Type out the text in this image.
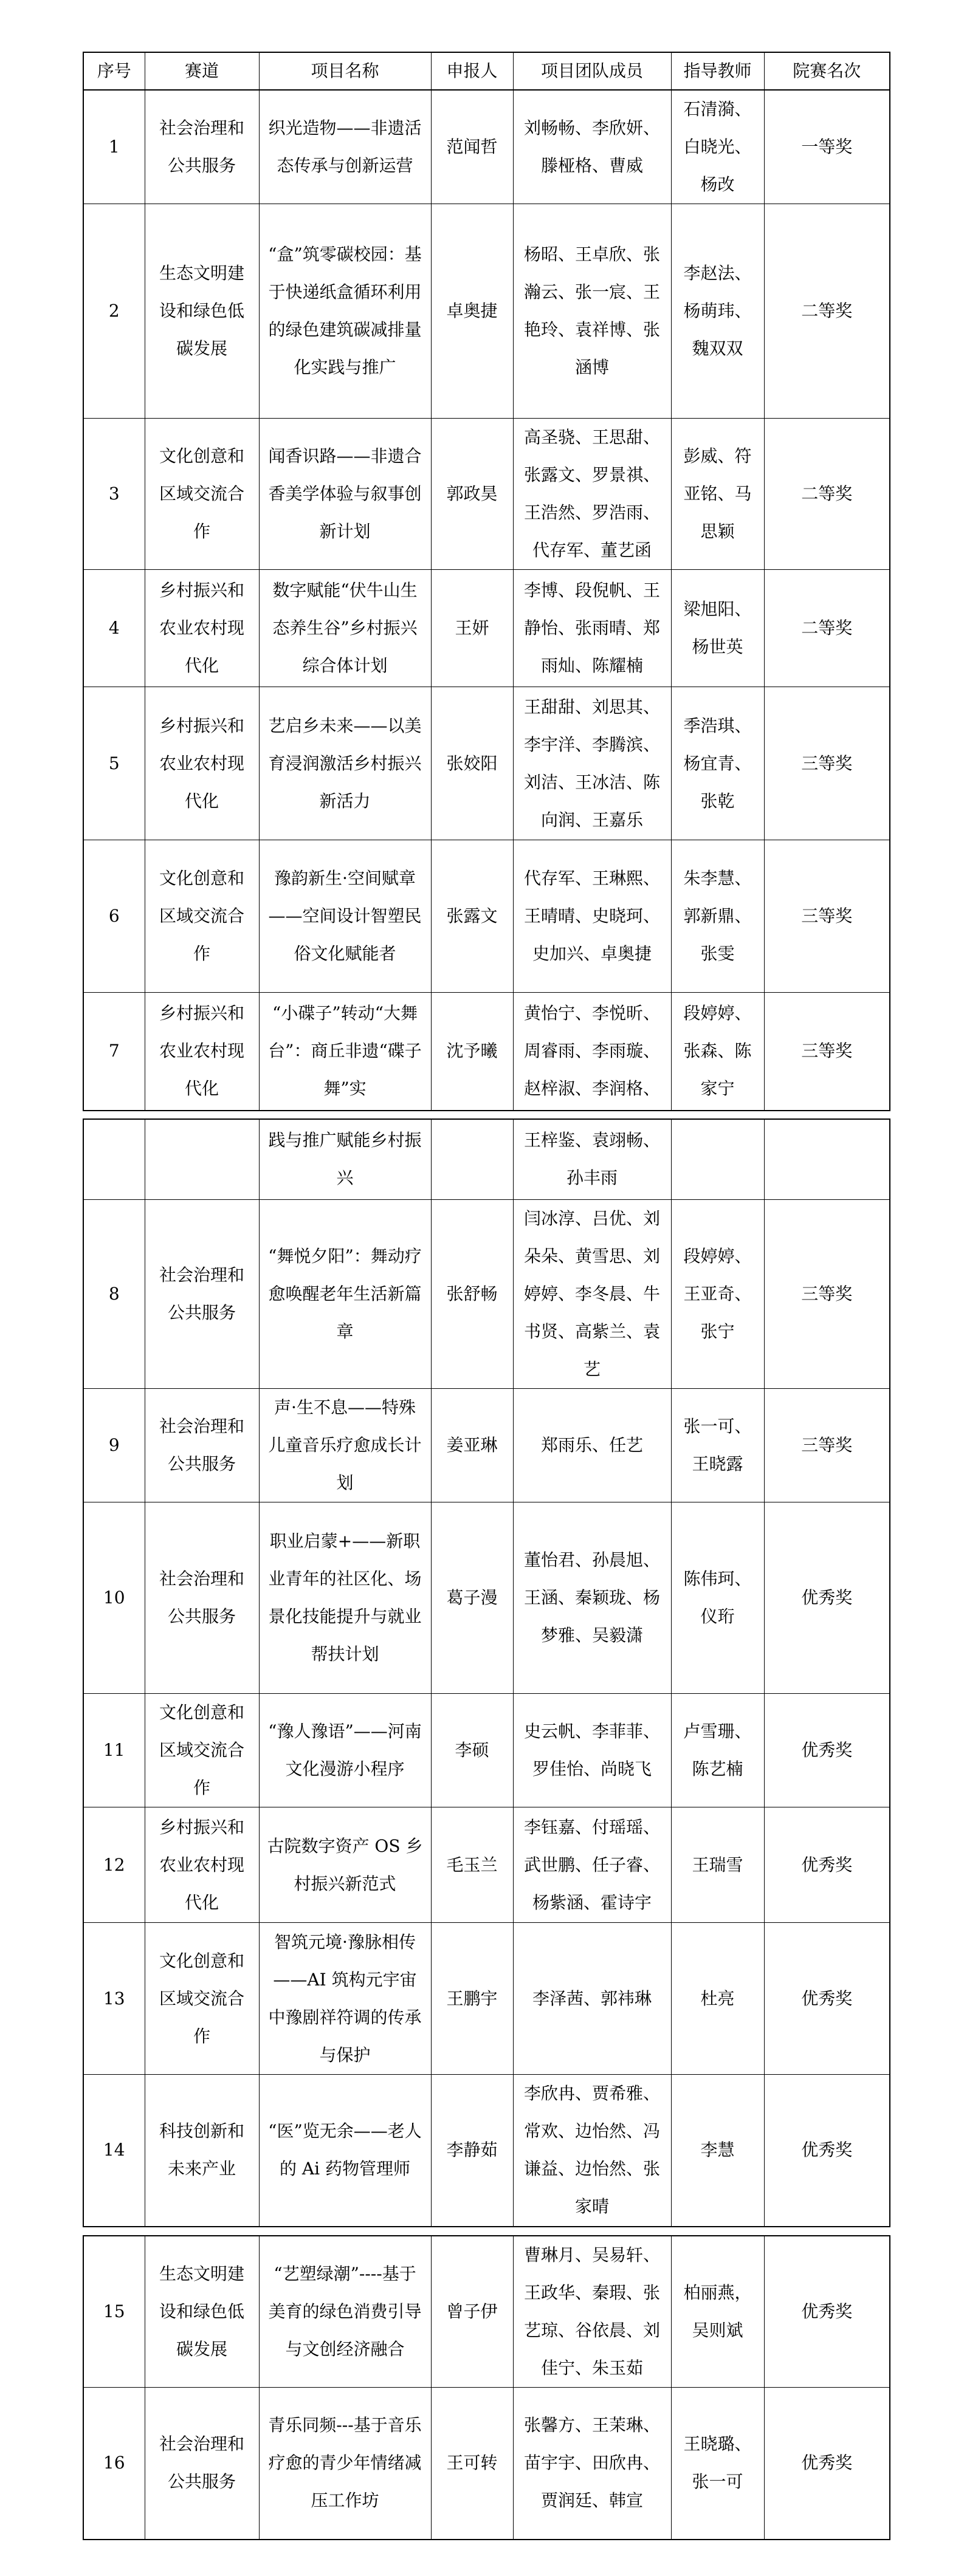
序号	赛道	项目名称	申报人	项目团队成员	指导教师	院赛名次
1	社会治理和公共服务	织光造物——非遗活态传承与创新运营	范闻哲	刘畅畅、李欣妍、滕桠格、曹威	石清漪、白晓光、杨改	一等奖
2	生态文明建设和绿色低碳发展	“盒”筑零碳校园：基于快递纸盒循环利用的绿色建筑碳减排量化实践与推广	卓奥捷	杨昭、王卓欣、张瀚云、张一宸、王艳玲、袁祥博、张涵博	李赵法、杨萌玮、魏双双	二等奖
3	文化创意和区域交流合作	闻香识路——非遗合香美学体验与叙事创新计划	郭政昊	高圣骁、王思甜、张露文、罗景祺、王浩然、罗浩雨、代存军、董艺函	彭威、符亚铭、马思颖	二等奖
4	乡村振兴和农业农村现代化	数字赋能“伏牛山生态养生谷”乡村振兴综合体计划	王妍	李博、段倪帆、王静怡、张雨晴、郑雨灿、陈耀楠	梁旭阳、杨世英	二等奖
5	乡村振兴和农业农村现代化	艺启乡未来——以美育浸润激活乡村振兴新活力	张姣阳	王甜甜、刘思其、李宇洋、李腾滨、刘洁、王冰洁、陈向润、王嘉乐	季浩琪、杨宜青、张乾	三等奖
6	文化创意和区域交流合作	豫韵新生·空间赋章——空间设计智塑民俗文化赋能者	张露文	代存军、王琳熙、王晴晴、史晓珂、史加兴、卓奥捷	朱李慧、郭新鼎、张雯	三等奖
7	乡村振兴和农业农村现代化	“小碟子”转动“大舞台”：商丘非遗“碟子舞”实	沈予曦	黄怡宁、李悦昕、周睿雨、李雨璇、赵梓淑、李润格、	段婷婷、张森、陈家宁	三等奖
		践与推广赋能乡村振兴		王梓鉴、袁翊畅、孙丰雨		
8	社会治理和公共服务	“舞悦夕阳”：舞动疗愈唤醒老年生活新篇章	张舒畅	闫冰淳、吕优、刘朵朵、黄雪思、刘婷婷、李冬晨、牛书贤、高紫兰、袁艺	段婷婷、王亚奇、张宁	三等奖
9	社会治理和公共服务	声·生不息——特殊儿童音乐疗愈成长计划	姜亚琳	郑雨乐、任艺	张一可、王晓露	三等奖
10	社会治理和公共服务	职业启蒙+——新职业青年的社区化、场景化技能提升与就业帮扶计划	葛子漫	董怡君、孙晨旭、王涵、秦颖珑、杨梦雅、吴毅潇	陈伟珂、仪珩	优秀奖
11	文化创意和区域交流合作	“豫人豫语”——河南文化漫游小程序	李硕	史云帆、李菲菲、罗佳怡、尚晓飞	卢雪珊、陈艺楠	优秀奖
12	乡村振兴和农业农村现代化	古院数字资产 OS 乡村振兴新范式	毛玉兰	李钰嘉、付瑶瑶、武世鹏、任子睿、杨紫涵、霍诗宇	王瑞雪	优秀奖
13	文化创意和区域交流合作	智筑元境·豫脉相传——AI 筑构元宇宙中豫剧祥符调的传承与保护	王鹏宇	李泽茜、郭祎琳	杜亮	优秀奖
14	科技创新和未来产业	“医”览无余——老人的 Ai 药物管理师	李静茹	李欣冉、贾希雅、常欢、边怡然、冯谦益、边怡然、张家晴	李慧	优秀奖
15	生态文明建设和绿色低碳发展	“艺塑绿潮”----基于美育的绿色消费引导与文创经济融合	曾子伊	曹琳月、吴易轩、王政华、秦瑕、张艺琼、谷依晨、刘佳宁、朱玉茹	柏丽燕，吴则斌	优秀奖
16	社会治理和公共服务	青乐同频---基于音乐疗愈的青少年情绪减压工作坊	王可转	张馨方、王茉琳、苗宇宇、田欣冉、贾润廷、韩宣	王晓璐、张一可	优秀奖
